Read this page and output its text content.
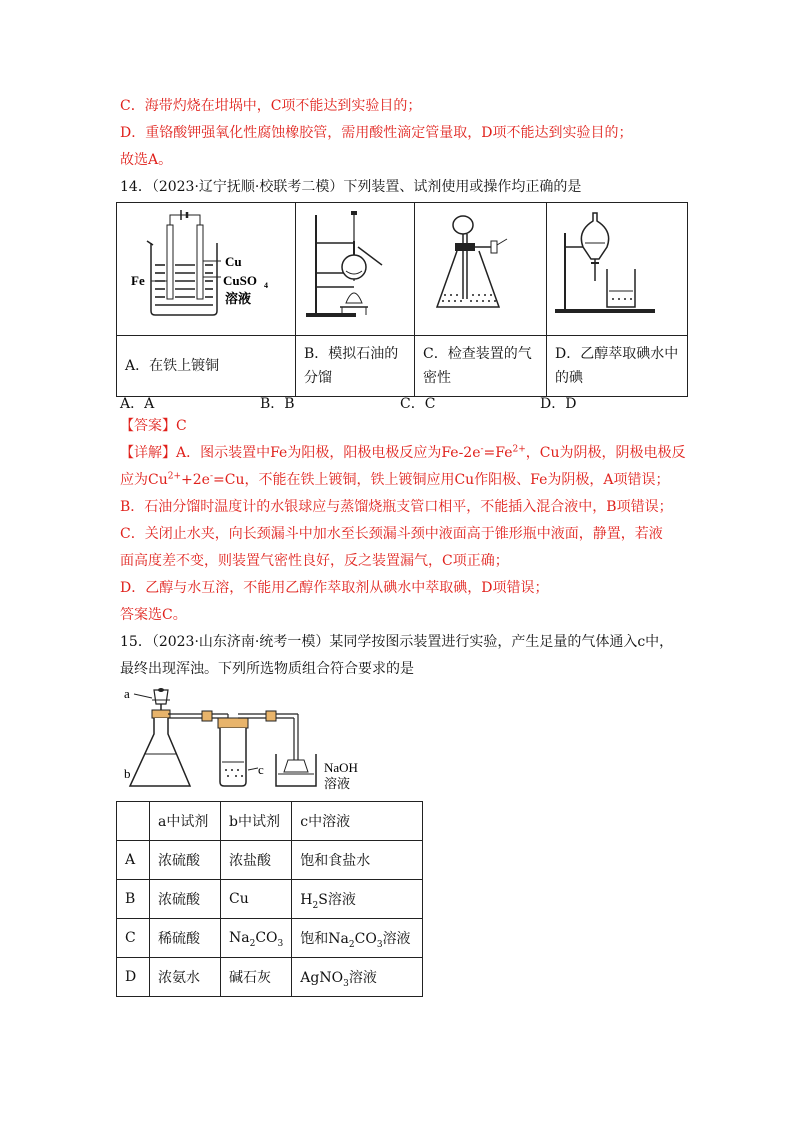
C．海带灼烧在坩埚中，C项不能达到实验目的；
D．重铬酸钾强氧化性腐蚀橡胶管，需用酸性滴定管量取，D项不能达到实验目的；
故选A。
14．（2023·辽宁抚顺·校联考二模）下列装置、试剂使用或操作均正确的是
Fe
Cu
CuSO 4
溶液

A．在铁上镀铜	B．模拟石油的分馏	C．检查装置的气密性	D．乙醇萃取碘水中的碘
A．A	B．B	C．C	D．D
【答案】C
【详解】A．图示装置中Fe为阳极，阳极电极反应为$Fe-2e^-=Fe^{2+}$，Cu为阴极，阴极电极反
应为$Cu^{2+}+2e^-=Cu$，不能在铁上镀铜，铁上镀铜应用Cu作阳极、Fe为阴极，A项错误；
B．石油分馏时温度计的水银球应与蒸馏烧瓶支管口相平，不能插入混合液中，B项错误；
C．关闭止水夹，向长颈漏斗中加水至长颈漏斗颈中液面高于锥形瓶中液面，静置，若液
面高度差不变，则装置气密性良好，反之装置漏气，C项正确；
D．乙醇与水互溶，不能用乙醇作萃取剂从碘水中萃取碘，D项错误；
答案选C。
15．（2023·山东济南·统考一模）某同学按图示装置进行实验，产生足量的气体通入c中，
最终出现浑浊。下列所选物质组合符合要求的是
a
b	c	NaOH
溶液
	a中试剂	b中试剂	c中溶液
A	浓硫酸	浓盐酸	饱和食盐水
B	浓硫酸	Cu	$H_2S$溶液
C	稀硫酸	$Na_2CO_3$	饱和$Na_2CO_3$溶液
D	浓氨水	碱石灰	AgNO$_3$溶液
